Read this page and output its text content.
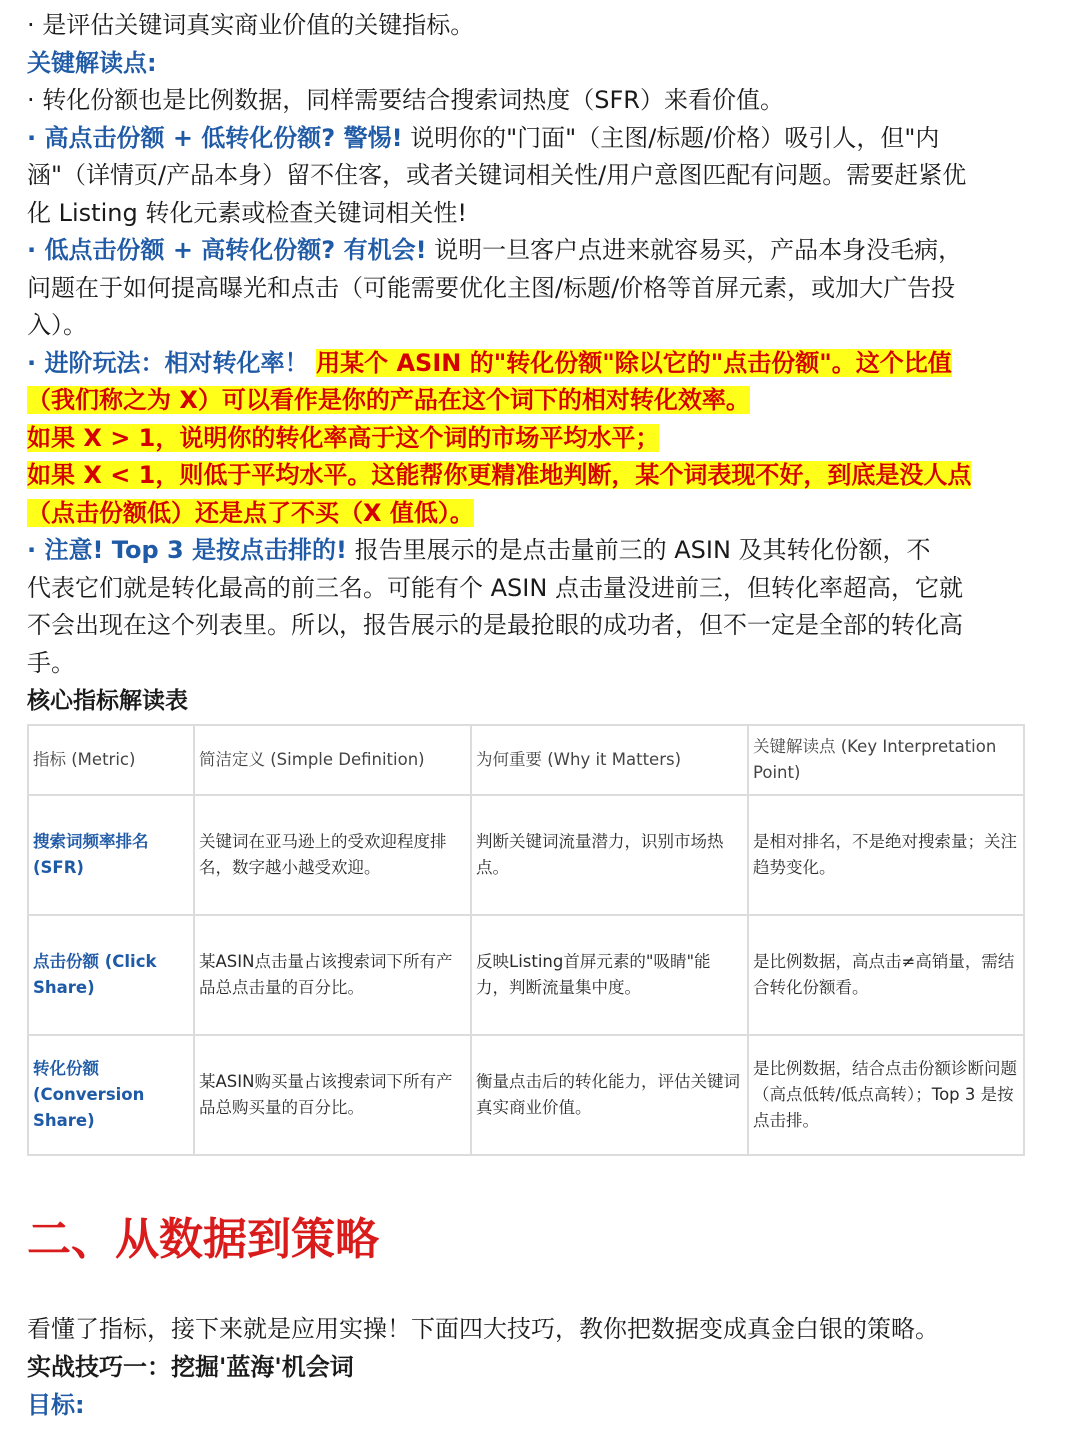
· 是评估关键词真实商业价值的关键指标。
关键解读点:
· 转化份额也是比例数据，同样需要结合搜索词热度（SFR）来看价值。
· 高点击份额 + 低转化份额? 警惕! 说明你的"门面"（主图/标题/价格）吸引人，但"内
涵"（详情页/产品本身）留不住客，或者关键词相关性/用户意图匹配有问题。需要赶紧优
化 Listing 转化元素或检查关键词相关性!
· 低点击份额 + 高转化份额? 有机会! 说明一旦客户点进来就容易买，产品本身没毛病，
问题在于如何提高曝光和点击（可能需要优化主图/标题/价格等首屏元素，或加大广告投
入）。
· 进阶玩法：相对转化率！ 用某个 ASIN 的"转化份额"除以它的"点击份额"。这个比值
（我们称之为 X）可以看作是你的产品在这个词下的相对转化效率。
如果 X > 1，说明你的转化率高于这个词的市场平均水平；
如果 X < 1，则低于平均水平。这能帮你更精准地判断，某个词表现不好，到底是没人点
（点击份额低）还是点了不买（X 值低）。
· 注意! Top 3 是按点击排的! 报告里展示的是点击量前三的 ASIN 及其转化份额，不
代表它们就是转化最高的前三名。可能有个 ASIN 点击量没进前三，但转化率超高，它就
不会出现在这个列表里。所以，报告展示的是最抢眼的成功者，但不一定是全部的转化高
手。
核心指标解读表
指标 (Metric)	简洁定义 (Simple Definition)	为何重要 (Why it Matters)	关键解读点 (Key Interpretation Point)
搜索词频率排名 (SFR)	关键词在亚马逊上的受欢迎程度排名，数字越小越受欢迎。	判断关键词流量潜力，识别市场热点。	是相对排名，不是绝对搜索量；关注趋势变化。
点击份额 (Click Share)	某ASIN点击量占该搜索词下所有产品总点击量的百分比。	反映Listing首屏元素的"吸睛"能力，判断流量集中度。	是比例数据，高点击≠高销量，需结合转化份额看。
转化份额 (Conversion Share)	某ASIN购买量占该搜索词下所有产品总购买量的百分比。	衡量点击后的转化能力，评估关键词真实商业价值。	是比例数据，结合点击份额诊断问题（高点低转/低点高转）；Top 3 是按点击排。
二、从数据到策略
看懂了指标，接下来就是应用实操！下面四大技巧，教你把数据变成真金白银的策略。
实战技巧一：挖掘'蓝海'机会词
目标:
